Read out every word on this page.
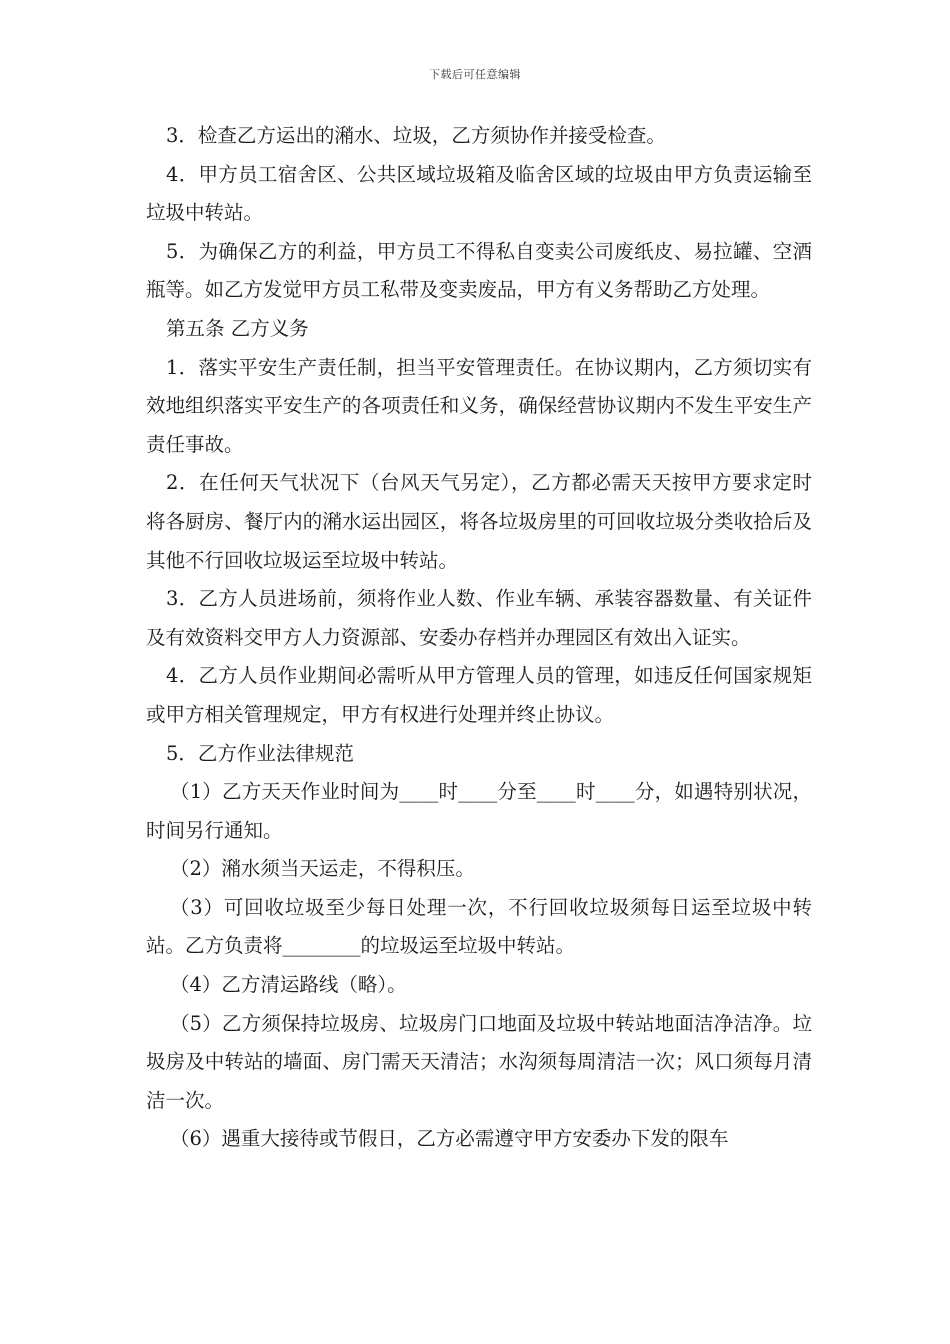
下载后可任意编辑

3．检查乙方运出的潲水、垃圾，乙方须协作并接受检查。

4．甲方员工宿舍区、公共区域垃圾箱及临舍区域的垃圾由甲方负责运输至垃圾中转站。

5．为确保乙方的利益，甲方员工不得私自变卖公司废纸皮、易拉罐、空酒瓶等。如乙方发觉甲方员工私带及变卖废品，甲方有义务帮助乙方处理。

第五条 乙方义务

1．落实平安生产责任制，担当平安管理责任。在协议期内，乙方须切实有效地组织落实平安生产的各项责任和义务，确保经营协议期内不发生平安生产责任事故。

2．在任何天气状况下（台风天气另定），乙方都必需天天按甲方要求定时将各厨房、餐厅内的潲水运出园区，将各垃圾房里的可回收垃圾分类收拾后及其他不行回收垃圾运至垃圾中转站。

3．乙方人员进场前，须将作业人数、作业车辆、承装容器数量、有关证件及有效资料交甲方人力资源部、安委办存档并办理园区有效出入证实。

4．乙方人员作业期间必需听从甲方管理人员的管理，如违反任何国家规矩或甲方相关管理规定，甲方有权进行处理并终止协议。

5．乙方作业法律规范

（1）乙方天天作业时间为____时____分至____时____分，如遇特别状况，时间另行通知。

（2）潲水须当天运走，不得积压。

（3）可回收垃圾至少每日处理一次，不行回收垃圾须每日运至垃圾中转站。乙方负责将________的垃圾运至垃圾中转站。

（4）乙方清运路线（略）。

（5）乙方须保持垃圾房、垃圾房门口地面及垃圾中转站地面洁净洁净。垃圾房及中转站的墙面、房门需天天清洁；水沟须每周清洁一次；风口须每月清洁一次。

（6）遇重大接待或节假日，乙方必需遵守甲方安委办下发的限车
